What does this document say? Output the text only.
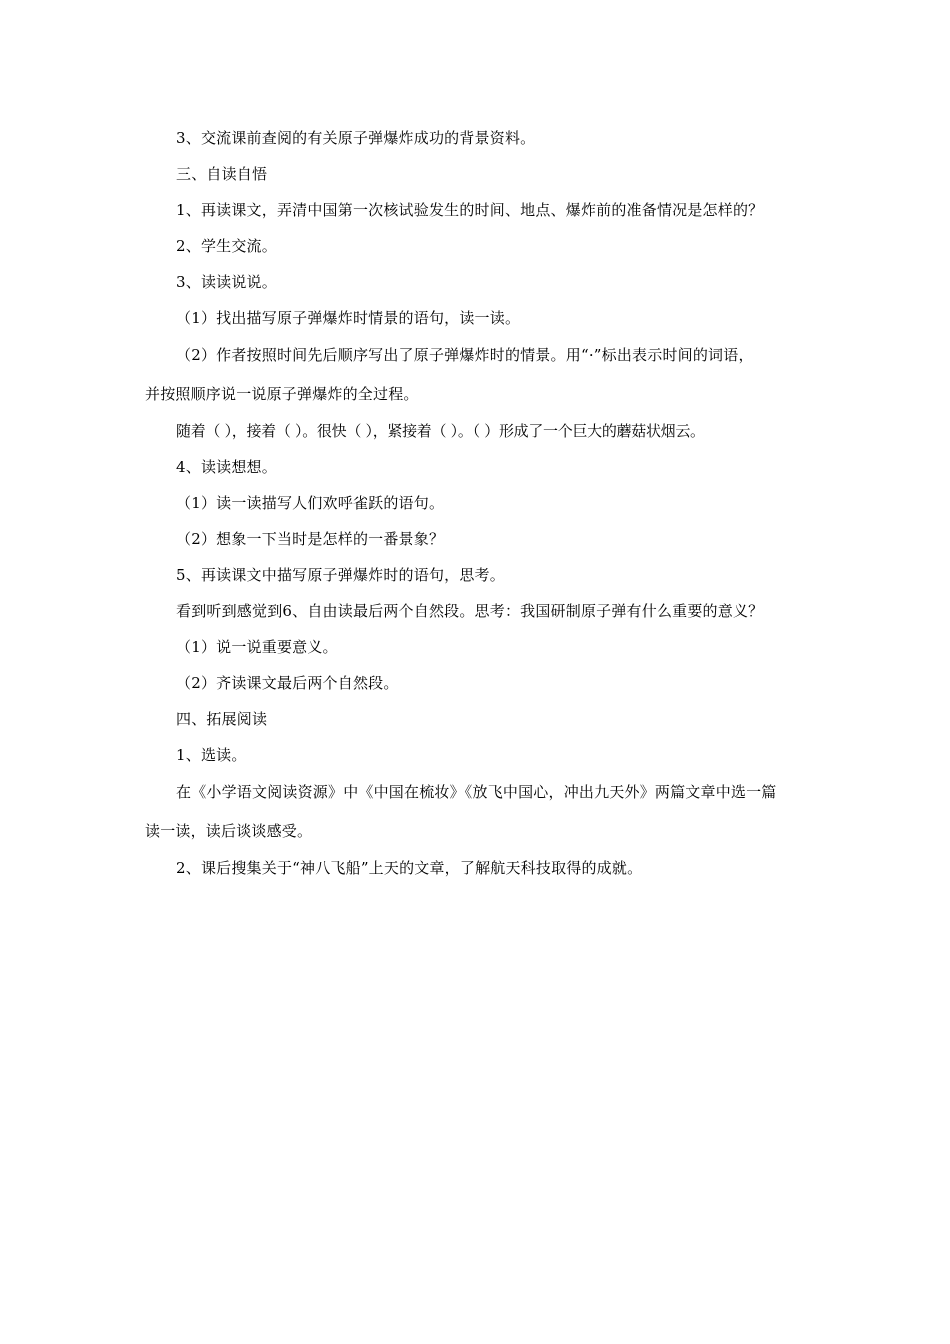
3、交流课前查阅的有关原子弹爆炸成功的背景资料。
三、自读自悟
1、再读课文，弄清中国第一次核试验发生的时间、地点、爆炸前的准备情况是怎样的？
2、学生交流。
3、读读说说。
（1）找出描写原子弹爆炸时情景的语句，读一读。
（2）作者按照时间先后顺序写出了原子弹爆炸时的情景。用“·”标出表示时间的词语，
并按照顺序说一说原子弹爆炸的全过程。
随着（ ），接着（ ）。很快（ ），紧接着（ ）。（ ）形成了一个巨大的蘑菇状烟云。
4、读读想想。
（1）读一读描写人们欢呼雀跃的语句。
（2）想象一下当时是怎样的一番景象？
5、再读课文中描写原子弹爆炸时的语句，思考。
看到听到感觉到6、自由读最后两个自然段。思考：我国研制原子弹有什么重要的意义？
（1）说一说重要意义。
（2）齐读课文最后两个自然段。
四、拓展阅读
1、选读。
在《小学语文阅读资源》中《中国在梳妆》《放飞中国心，冲出九天外》两篇文章中选一篇
读一读，读后谈谈感受。
2、课后搜集关于“神八飞船”上天的文章，了解航天科技取得的成就。
